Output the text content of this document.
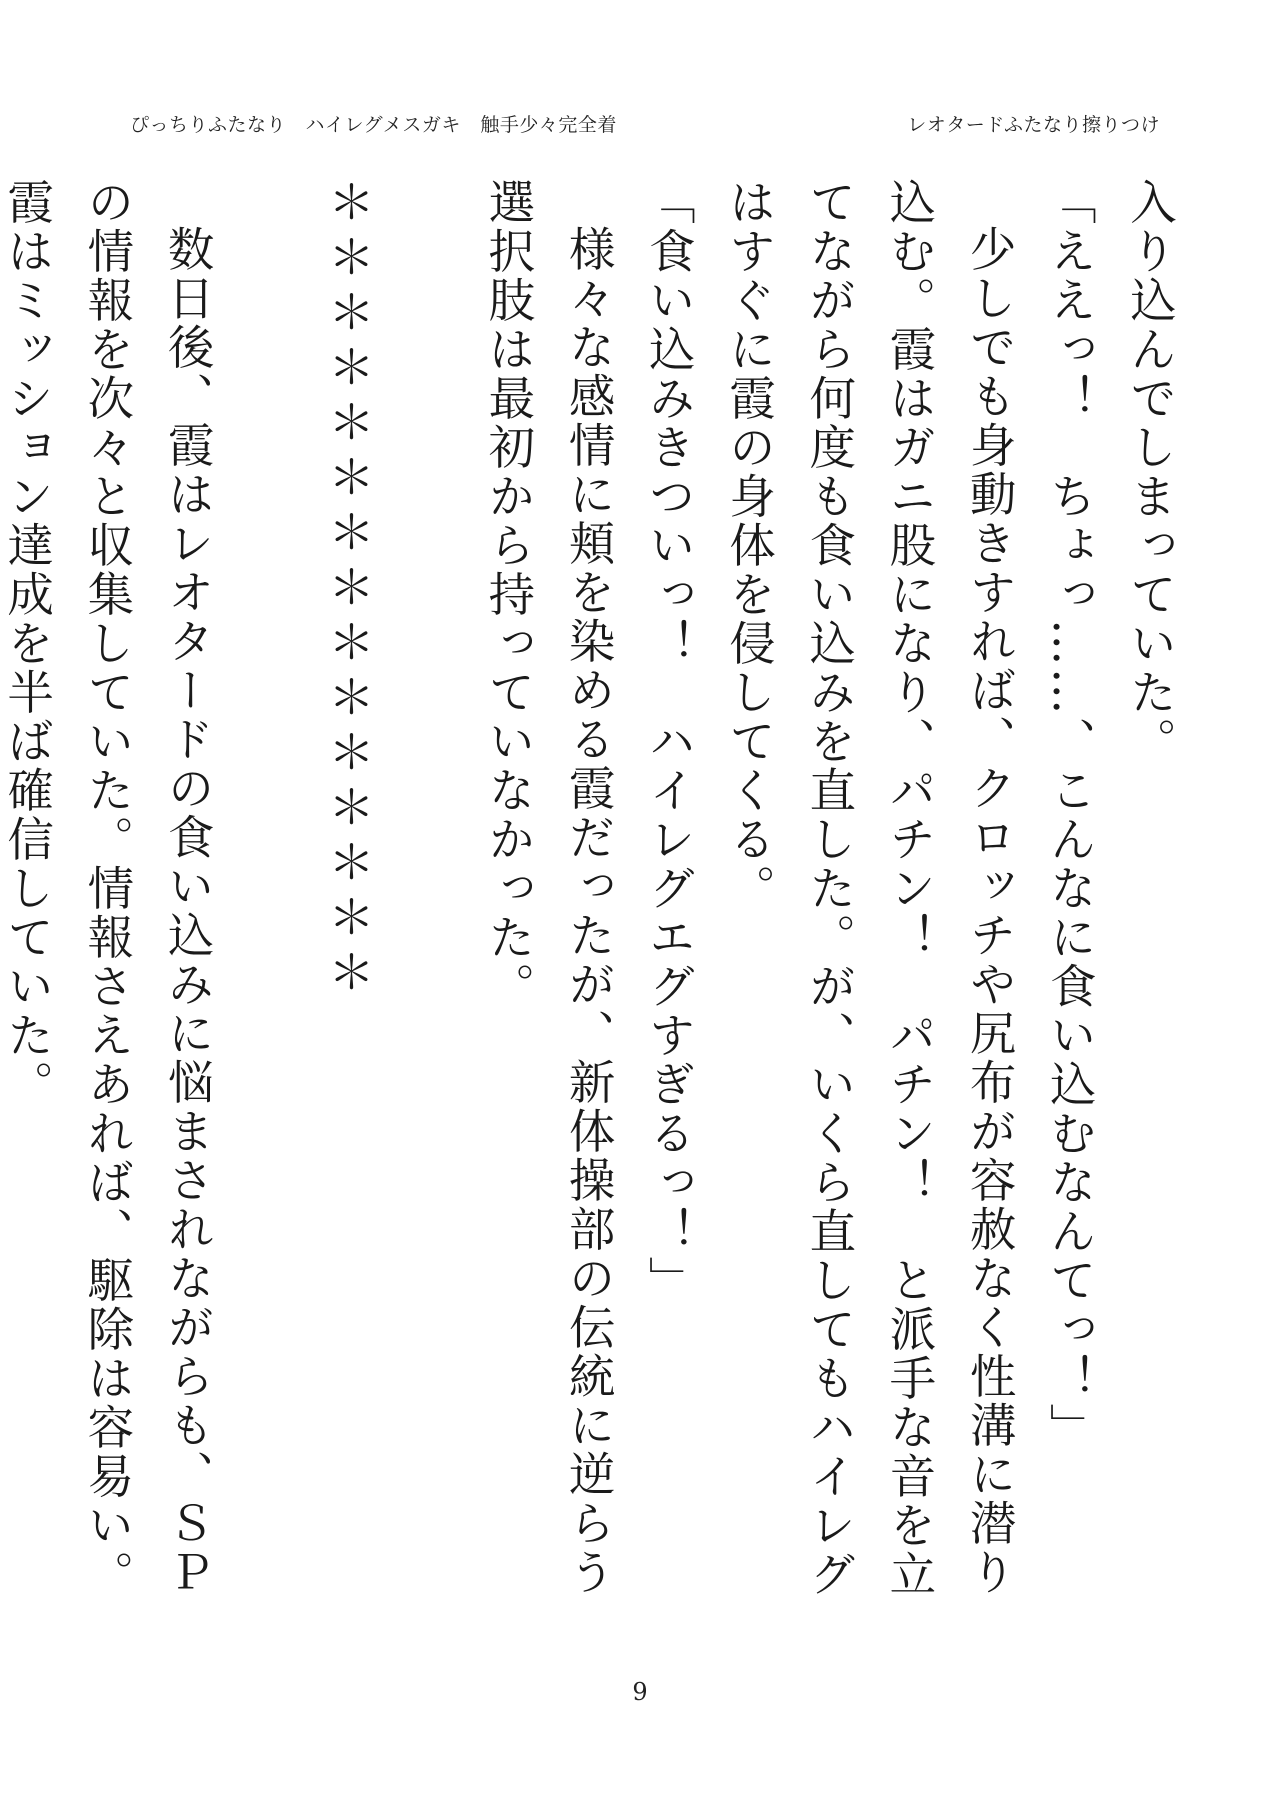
ぴっちりふたなり　ハイレグメスガキ　触手少々完全着	レオタードふたなり擦りつけ

入り込んでしまっていた。

「ええっ！　ちょっ……、こんなに食い込むなんてっ！」

少しでも身動きすれば、クロッチや尻布が容赦なく性溝に潜り込む。霞はガニ股になり、パチン！　パチン！　と派手な音を立てながら何度も食い込みを直した。が、いくら直してもハイレグはすぐに霞の身体を侵してくる。

「食い込みきついっ！　ハイレグエグすぎるっ！」

様々な感情に頬を染める霞だったが、新体操部の伝統に逆らう選択肢は最初から持っていなかった。

＊＊＊＊＊＊＊＊＊＊＊＊＊＊＊

数日後、霞はレオタードの食い込みに悩まされながらも、ＳＰの情報を次々と収集していた。情報さえあれば、駆除は容易い。霞はミッション達成を半ば確信していた。

9
